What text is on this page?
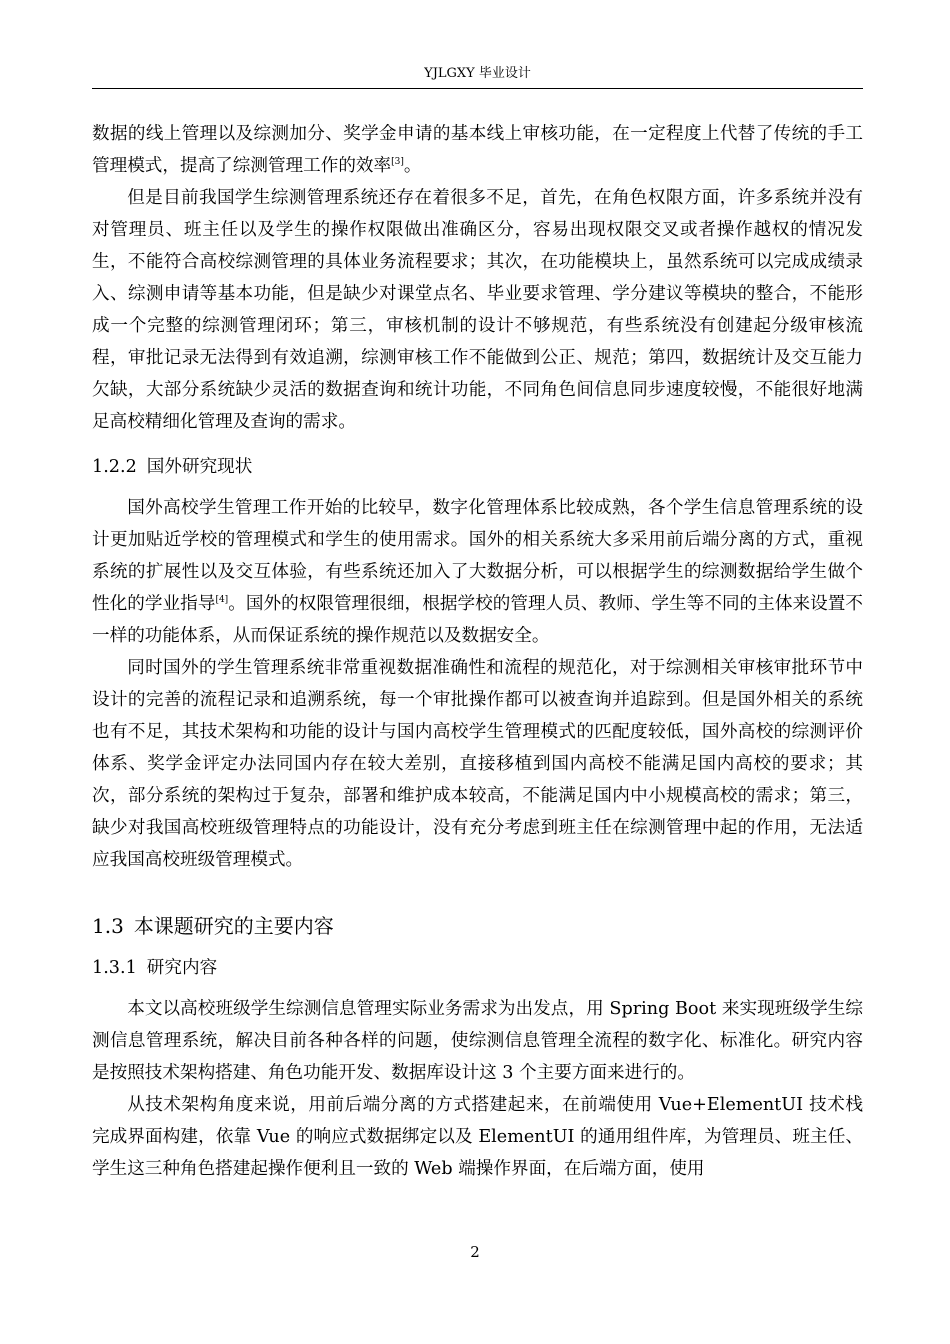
YJLGXY 毕业设计

数据的线上管理以及综测加分、奖学金申请的基本线上审核功能，在一定程度上代替了传统的手工管理模式，提高了综测管理工作的效率[3]。

但是目前我国学生综测管理系统还存在着很多不足，首先，在角色权限方面，许多系统并没有对管理员、班主任以及学生的操作权限做出准确区分，容易出现权限交叉或者操作越权的情况发生，不能符合高校综测管理的具体业务流程要求；其次，在功能模块上，虽然系统可以完成成绩录入、综测申请等基本功能，但是缺少对课堂点名、毕业要求管理、学分建议等模块的整合，不能形成一个完整的综测管理闭环；第三，审核机制的设计不够规范，有些系统没有创建起分级审核流程，审批记录无法得到有效追溯，综测审核工作不能做到公正、规范；第四，数据统计及交互能力欠缺，大部分系统缺少灵活的数据查询和统计功能，不同角色间信息同步速度较慢，不能很好地满足高校精细化管理及查询的需求。

1.2.2 国外研究现状

国外高校学生管理工作开始的比较早，数字化管理体系比较成熟，各个学生信息管理系统的设计更加贴近学校的管理模式和学生的使用需求。国外的相关系统大多采用前后端分离的方式，重视系统的扩展性以及交互体验，有些系统还加入了大数据分析，可以根据学生的综测数据给学生做个性化的学业指导[4]。国外的权限管理很细，根据学校的管理人员、教师、学生等不同的主体来设置不一样的功能体系，从而保证系统的操作规范以及数据安全。

同时国外的学生管理系统非常重视数据准确性和流程的规范化，对于综测相关审核审批环节中设计的完善的流程记录和追溯系统，每一个审批操作都可以被查询并追踪到。但是国外相关的系统也有不足，其技术架构和功能的设计与国内高校学生管理模式的匹配度较低，国外高校的综测评价体系、奖学金评定办法同国内存在较大差别，直接移植到国内高校不能满足国内高校的要求；其次，部分系统的架构过于复杂，部署和维护成本较高，不能满足国内中小规模高校的需求；第三，缺少对我国高校班级管理特点的功能设计，没有充分考虑到班主任在综测管理中起的作用，无法适应我国高校班级管理模式。

1.3 本课题研究的主要内容
1.3.1 研究内容

本文以高校班级学生综测信息管理实际业务需求为出发点，用 Spring Boot 来实现班级学生综测信息管理系统，解决目前各种各样的问题，使综测信息管理全流程的数字化、标准化。研究内容是按照技术架构搭建、角色功能开发、数据库设计这 3 个主要方面来进行的。

从技术架构角度来说，用前后端分离的方式搭建起来，在前端使用 Vue+ElementUI 技术栈完成界面构建，依靠 Vue 的响应式数据绑定以及 ElementUI 的通用组件库，为管理员、班主任、学生这三种角色搭建起操作便利且一致的 Web 端操作界面，在后端方面，使用

2
